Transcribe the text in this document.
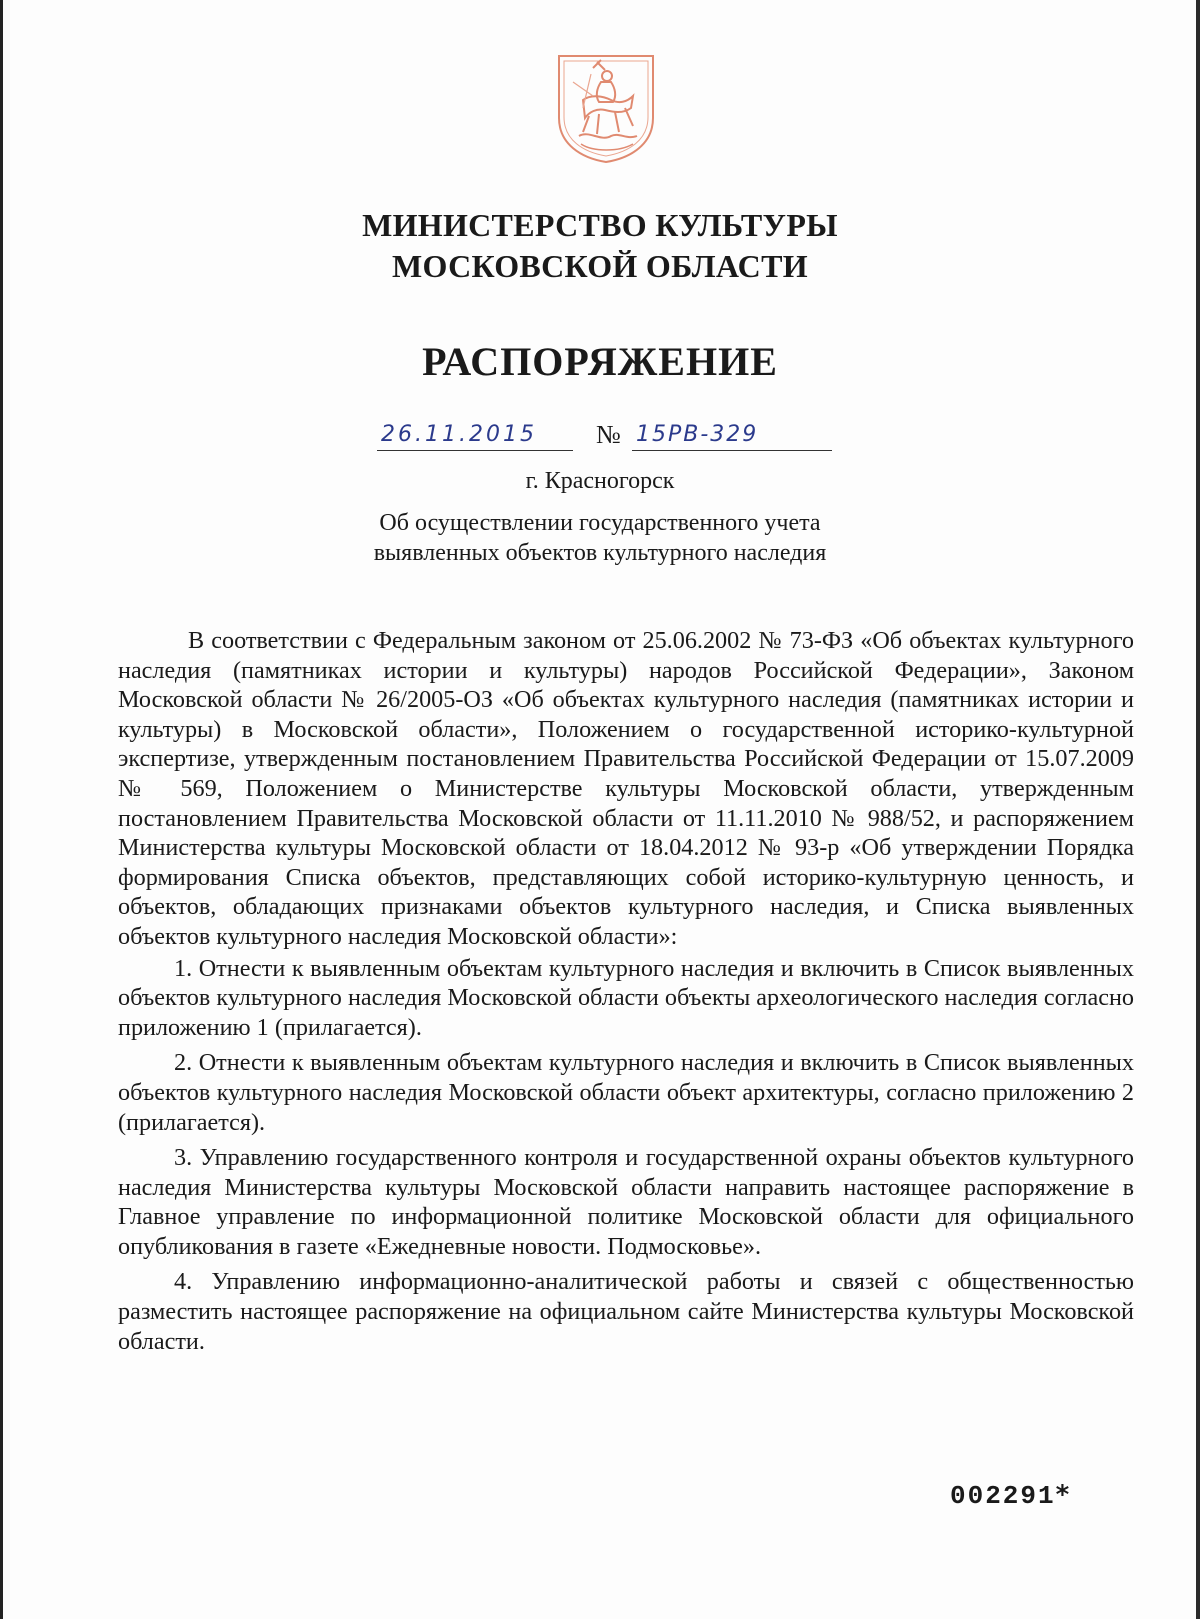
МИНИСТЕРСТВО КУЛЬТУРЫ
МОСКОВСКОЙ ОБЛАСТИ
РАСПОРЯЖЕНИЕ
26.11.2015	№ 15РВ-329
г. Красногорск
Об осуществлении государственного учета
выявленных объектов культурного наследия

В соответствии с Федеральным законом от 25.06.2002 № 73-ФЗ «Об объектах культурного наследия (памятниках истории и культуры) народов Российской Федерации», Законом Московской области № 26/2005-ОЗ «Об объектах культурного наследия (памятниках истории и культуры) в Московской области», Положением о государственной историко-культурной экспертизе, утвержденным постановлением Правительства Российской Федерации от 15.07.2009 № 569, Положением о Министерстве культуры Московской области, утвержденным постановлением Правительства Московской области от 11.11.2010 № 988/52, и распоряжением Министерства культуры Московской области от 18.04.2012 № 93-р «Об утверждении Порядка формирования Списка объектов, представляющих собой историко-культурную ценность, и объектов, обладающих признаками объектов культурного наследия, и Списка выявленных объектов культурного наследия Московской области»:

1. Отнести к выявленным объектам культурного наследия и включить в Список выявленных объектов культурного наследия Московской области объекты археологического наследия согласно приложению 1 (прилагается).

2. Отнести к выявленным объектам культурного наследия и включить в Список выявленных объектов культурного наследия Московской области объект архитектуры, согласно приложению 2 (прилагается).

3. Управлению государственного контроля и государственной охраны объектов культурного наследия Министерства культуры Московской области направить настоящее распоряжение в Главное управление по информационной политике Московской области для официального опубликования в газете «Ежедневные новости. Подмосковье».

4. Управлению информационно-аналитической работы и связей с общественностью разместить настоящее распоряжение на официальном сайте Министерства культуры Московской области.

002291*
